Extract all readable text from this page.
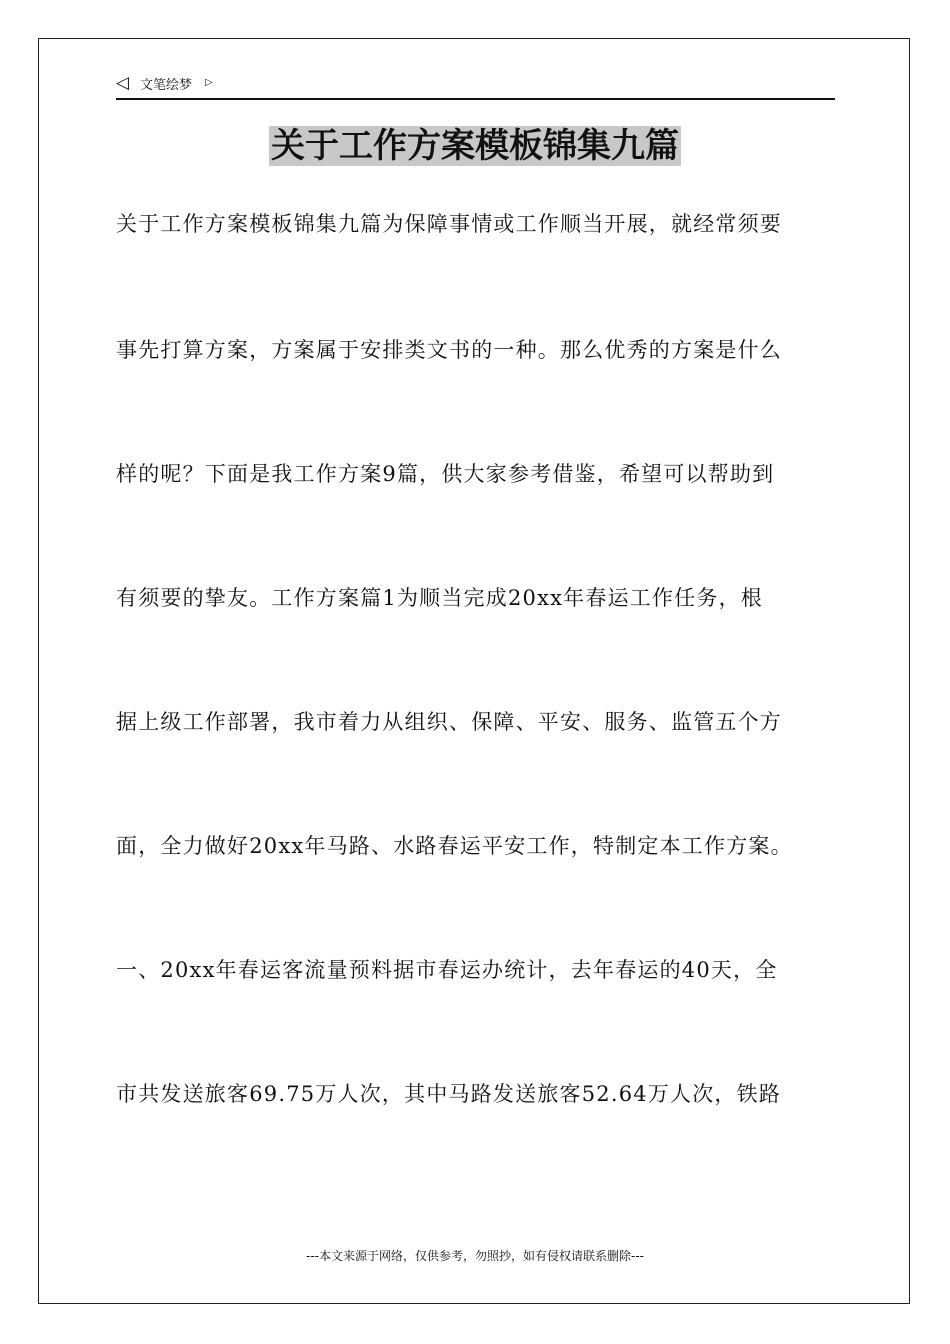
◁ 文笔绘梦 ▷
关于工作方案模板锦集九篇
关于工作方案模板锦集九篇为保障事情或工作顺当开展，就经常须要
事先打算方案，方案属于安排类文书的一种。那么优秀的方案是什么
样的呢？下面是我工作方案9篇，供大家参考借鉴，希望可以帮助到
有须要的挚友。工作方案篇1为顺当完成20xx年春运工作任务，根
据上级工作部署，我市着力从组织、保障、平安、服务、监管五个方
面，全力做好20xx年马路、水路春运平安工作，特制定本工作方案。
一、20xx年春运客流量预料据市春运办统计，去年春运的40天，全
市共发送旅客69.75万人次，其中马路发送旅客52.64万人次，铁路
---本文来源于网络，仅供参考，勿照抄，如有侵权请联系删除---
